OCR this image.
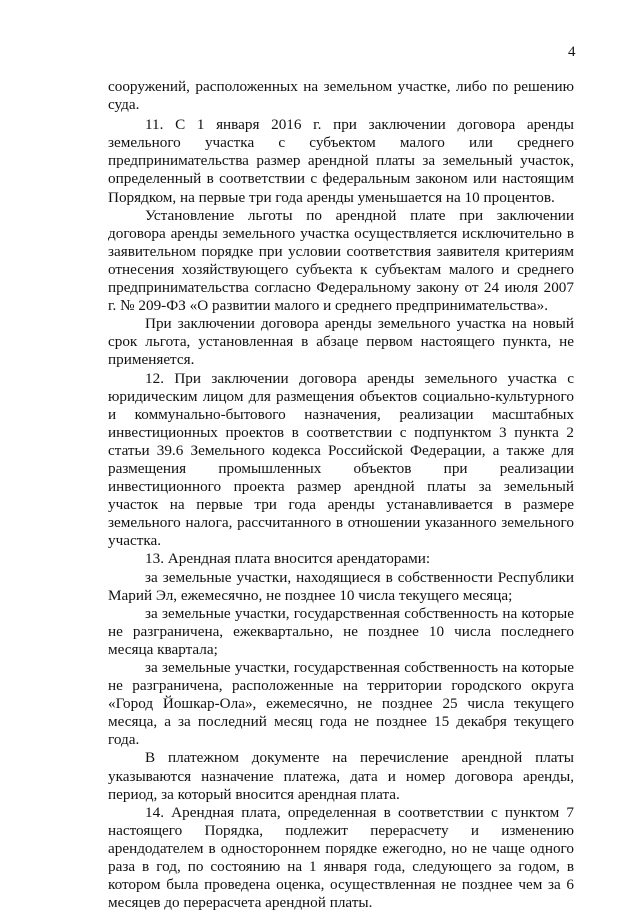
4

сооружений, расположенных на земельном участке, либо по решению суда.

11. С 1 января 2016 г. при заключении договора аренды земельного участка с субъектом малого или среднего предпринимательства размер арендной платы за земельный участок, определенный в соответствии с федеральным законом или настоящим Порядком, на первые три года аренды уменьшается на 10 процентов.

Установление льготы по арендной плате при заключении договора аренды земельного участка осуществляется исключительно в заявительном порядке при условии соответствия заявителя критериям отнесения хозяйствующего субъекта к субъектам малого и среднего предпринимательства согласно Федеральному закону от 24 июля 2007 г. № 209-ФЗ «О развитии малого и среднего предпринимательства».

При заключении договора аренды земельного участка на новый срок льгота, установленная в абзаце первом настоящего пункта, не применяется.

12. При заключении договора аренды земельного участка с юридическим лицом для размещения объектов социально-культурного и коммунально-бытового назначения, реализации масштабных инвестиционных проектов в соответствии с подпунктом 3 пункта 2 статьи 39.6 Земельного кодекса Российской Федерации, а также для размещения промышленных объектов при реализации инвестиционного проекта размер арендной платы за земельный участок на первые три года аренды устанавливается в размере земельного налога, рассчитанного в отношении указанного земельного участка.

13. Арендная плата вносится арендаторами:

за земельные участки, находящиеся в собственности Республики Марий Эл, ежемесячно, не позднее 10 числа текущего месяца;

за земельные участки, государственная собственность на которые не разграничена, ежеквартально, не позднее 10 числа последнего месяца квартала;

за земельные участки, государственная собственность на которые не разграничена, расположенные на территории городского округа «Город Йошкар-Ола», ежемесячно, не позднее 25 числа текущего месяца, а за последний месяц года не позднее 15 декабря текущего года.

В платежном документе на перечисление арендной платы указываются назначение платежа, дата и номер договора аренды, период, за который вносится арендная плата.

14. Арендная плата, определенная в соответствии с пунктом 7 настоящего Порядка, подлежит перерасчету и изменению арендодателем в одностороннем порядке ежегодно, но не чаще одного раза в год, по состоянию на 1 января года, следующего за годом, в котором была проведена оценка, осуществленная не позднее чем за 6 месяцев до перерасчета арендной платы.
